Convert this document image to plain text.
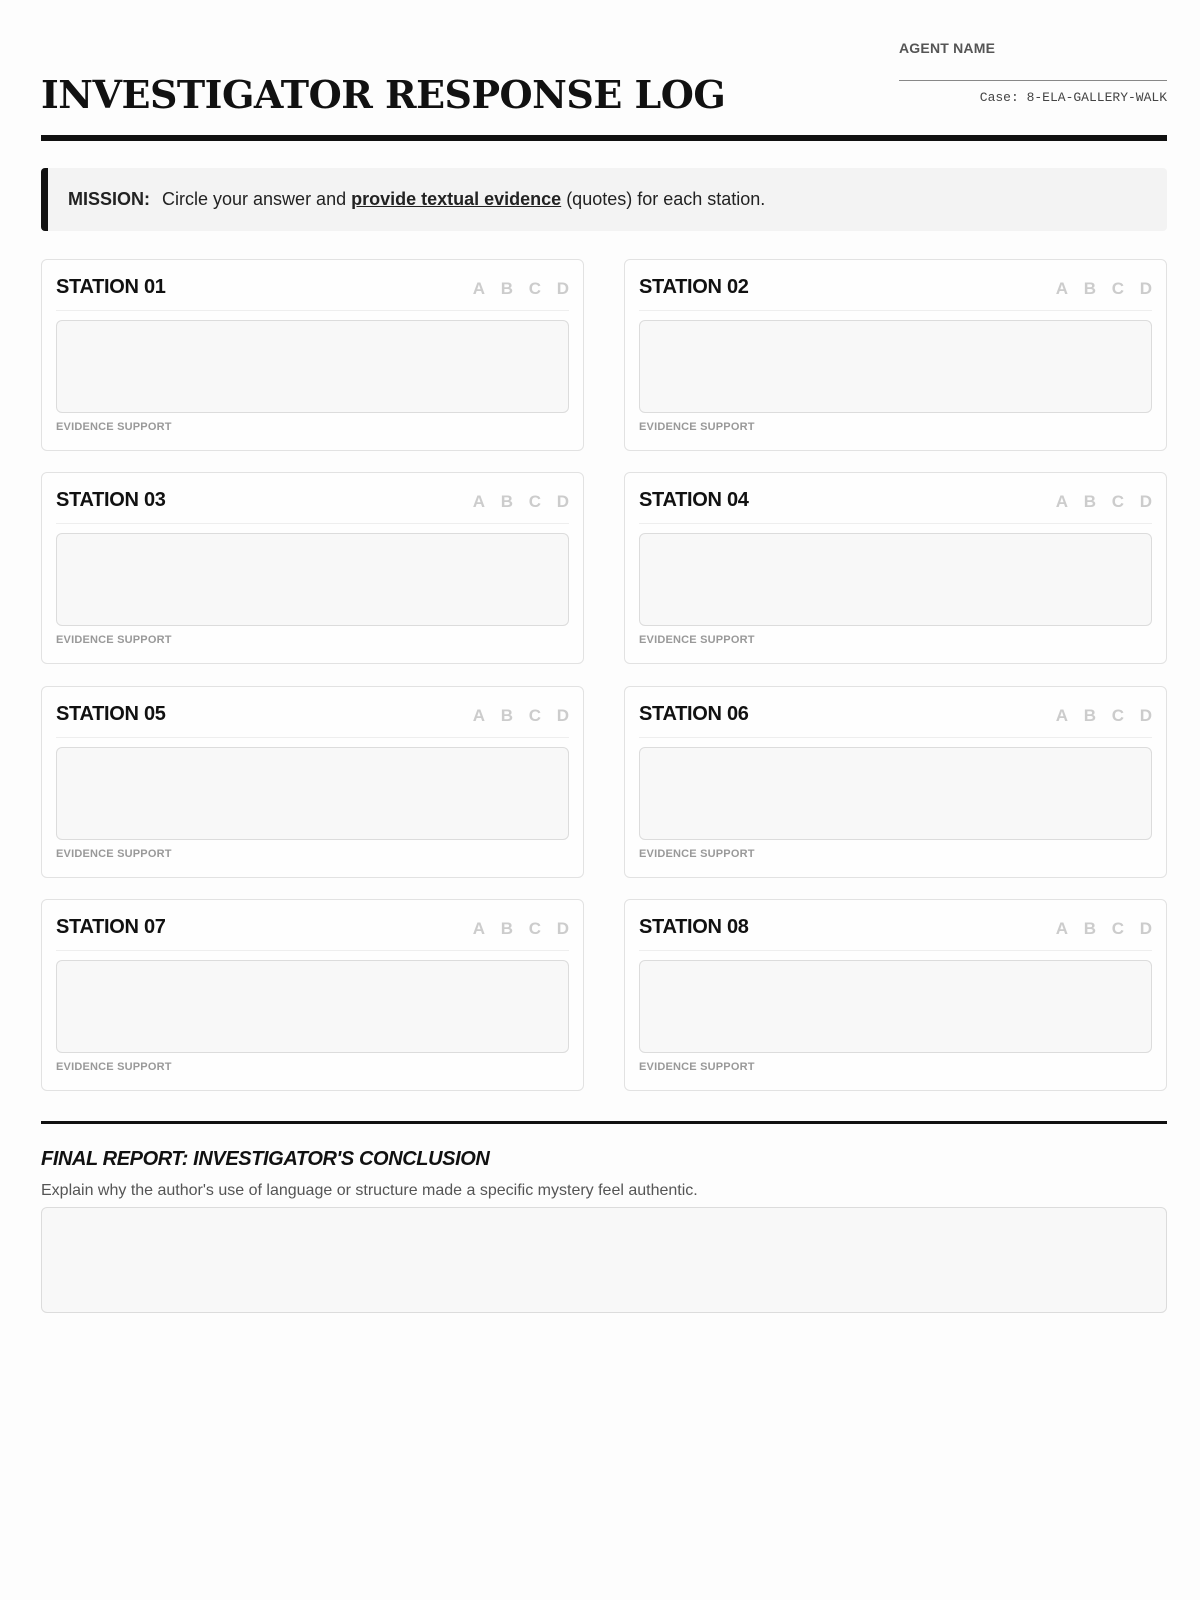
INVESTIGATOR RESPONSE LOG
AGENT NAME
Case: 8-ELA-GALLERY-WALK
MISSION: Circle your answer and provide textual evidence (quotes) for each station.
STATION 01	A B C D
EVIDENCE SUPPORT
STATION 02	A B C D
EVIDENCE SUPPORT
STATION 03	A B C D
EVIDENCE SUPPORT
STATION 04	A B C D
EVIDENCE SUPPORT
STATION 05	A B C D
EVIDENCE SUPPORT
STATION 06	A B C D
EVIDENCE SUPPORT
STATION 07	A B C D
EVIDENCE SUPPORT
STATION 08	A B C D
EVIDENCE SUPPORT
FINAL REPORT: INVESTIGATOR'S CONCLUSION
Explain why the author's use of language or structure made a specific mystery feel authentic.
